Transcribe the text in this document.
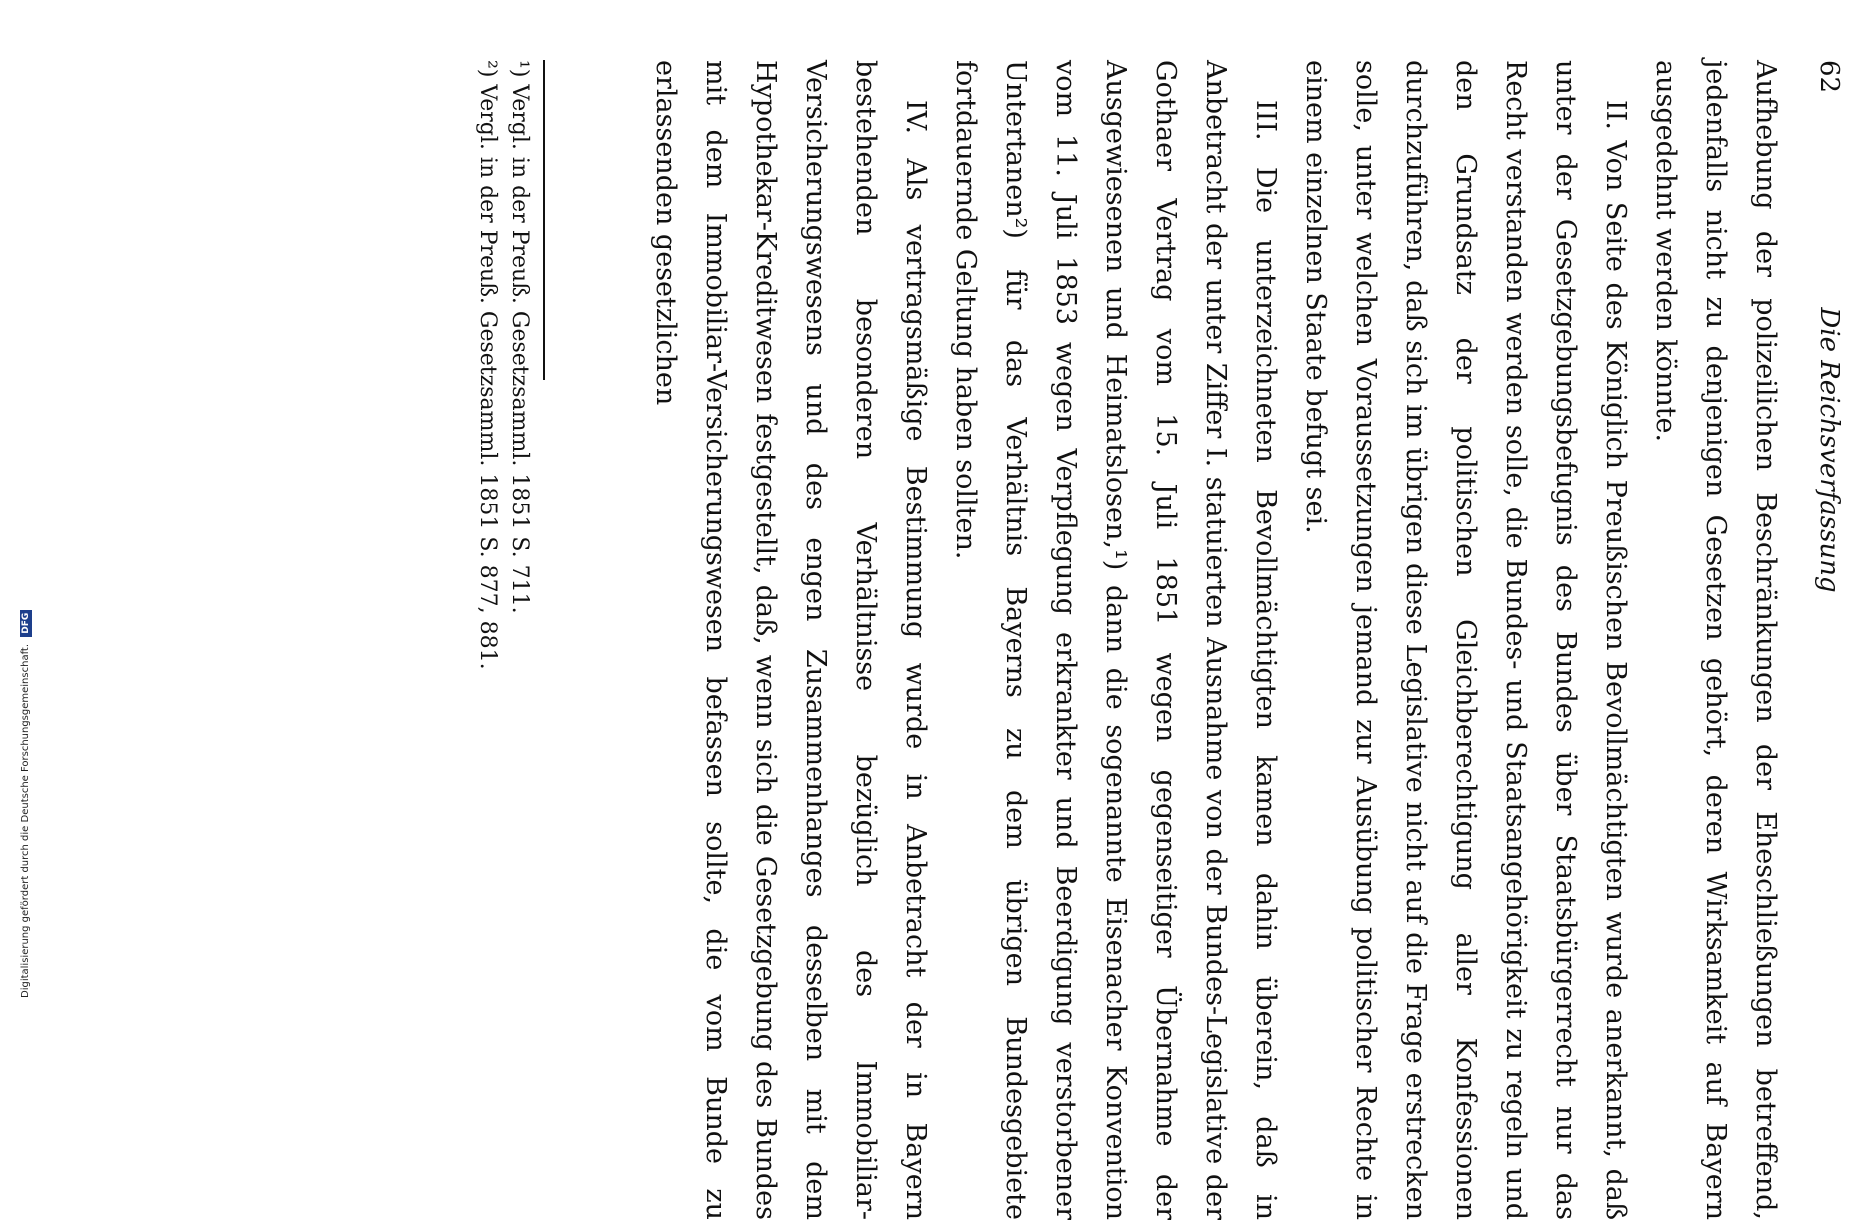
62
Die Reichsverfassung

Aufhebung der polizeilichen Beschränkungen der Eheschließungen betreffend, jedenfalls nicht zu denjenigen Gesetzen gehört, deren Wirksamkeit auf Bayern ausgedehnt werden könnte.

II. Von Seite des Königlich Preußischen Bevollmächtigten wurde anerkannt, daß unter der Gesetzgebungsbefugnis des Bundes über Staatsbürgerrecht nur das Recht verstanden werden solle, die Bundes- und Staatsangehörigkeit zu regeln und den Grundsatz der politischen Gleichberechtigung aller Konfessionen durchzuführen, daß sich im übrigen diese Legislative nicht auf die Frage erstrecken solle, unter welchen Voraussetzungen jemand zur Ausübung politischer Rechte in einem einzelnen Staate befugt sei.

III. Die unterzeichneten Bevollmächtigten kamen dahin überein, daß in Anbetracht der unter Ziffer I. statuierten Ausnahme von der Bundes-Legislative der Gothaer Vertrag vom 15. Juli 1851 wegen gegenseitiger Übernahme der Ausgewiesenen und Heimatslosen,¹) dann die sogenannte Eisenacher Konvention vom 11. Juli 1853 wegen Verpflegung erkrankter und Beerdigung verstorbener Untertanen²) für das Verhältnis Bayerns zu dem übrigen Bundesgebiete fortdauernde Geltung haben sollten.

IV. Als vertragsmäßige Bestimmung wurde in Anbetracht der in Bayern bestehenden besonderen Verhältnisse bezüglich des Immobiliar-Versicherungswesens und des engen Zusammenhanges desselben mit dem Hypothekar-Kreditwesen festgestellt, daß, wenn sich die Gesetzgebung des Bundes mit dem Immobiliar-Versicherungswesen befassen sollte, die vom Bunde zu erlassenden gesetzlichen

¹) Vergl. in der Preuß. Gesetzsamml. 1851 S. 711.

²) Vergl. in der Preuß. Gesetzsamml. 1851 S. 877, 881.

Digitalisierung gefördert durch die Deutsche Forschungsgemeinschaft. DFG
